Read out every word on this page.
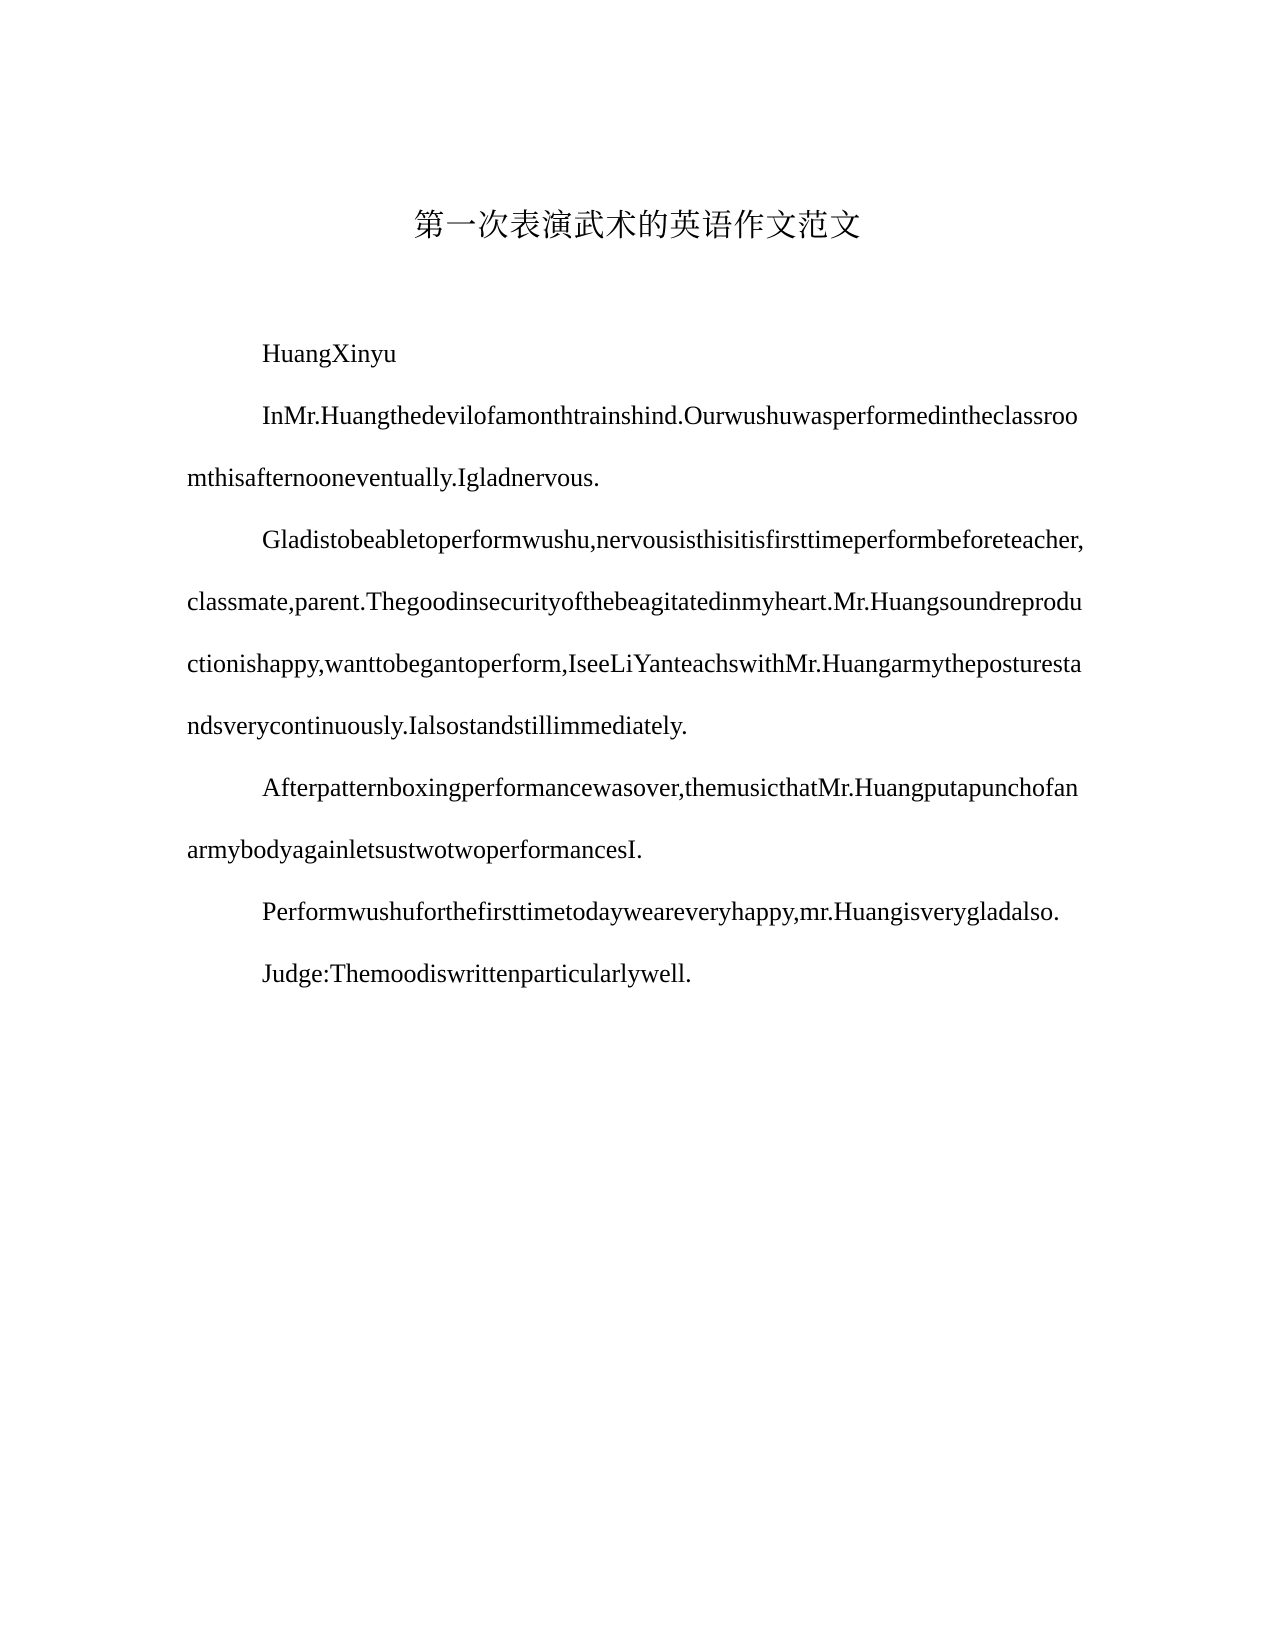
第一次表演武术的英语作文范文

HuangXinyu

InMr.Huangthedevilofamonthtrainshind.Ourwushuwasperformedintheclassroomthisafternooneventually.Igladnervous.

Gladistobeabletoperformwushu,nervousisthisitisfirsttimeperformbeforeteacher,classmate,parent.Thegoodinsecurityofthebeagitatedinmyheart.Mr.Huangsoundreproductionishappy,wanttobegantoperform,IseeLiYanteachswithMr.Huangarmytheposturestandsverycontinuously.Ialsostandstillimmediately.

Afterpatternboxingperformancewasover,themusicthatMr.HuangputapunchofanarmybodyagainletsustwotwoperformancesI.

Performwushuforthefirsttimetodayweareveryhappy,mr.Huangisverygladalso.

Judge:Themoodiswrittenparticularlywell.
